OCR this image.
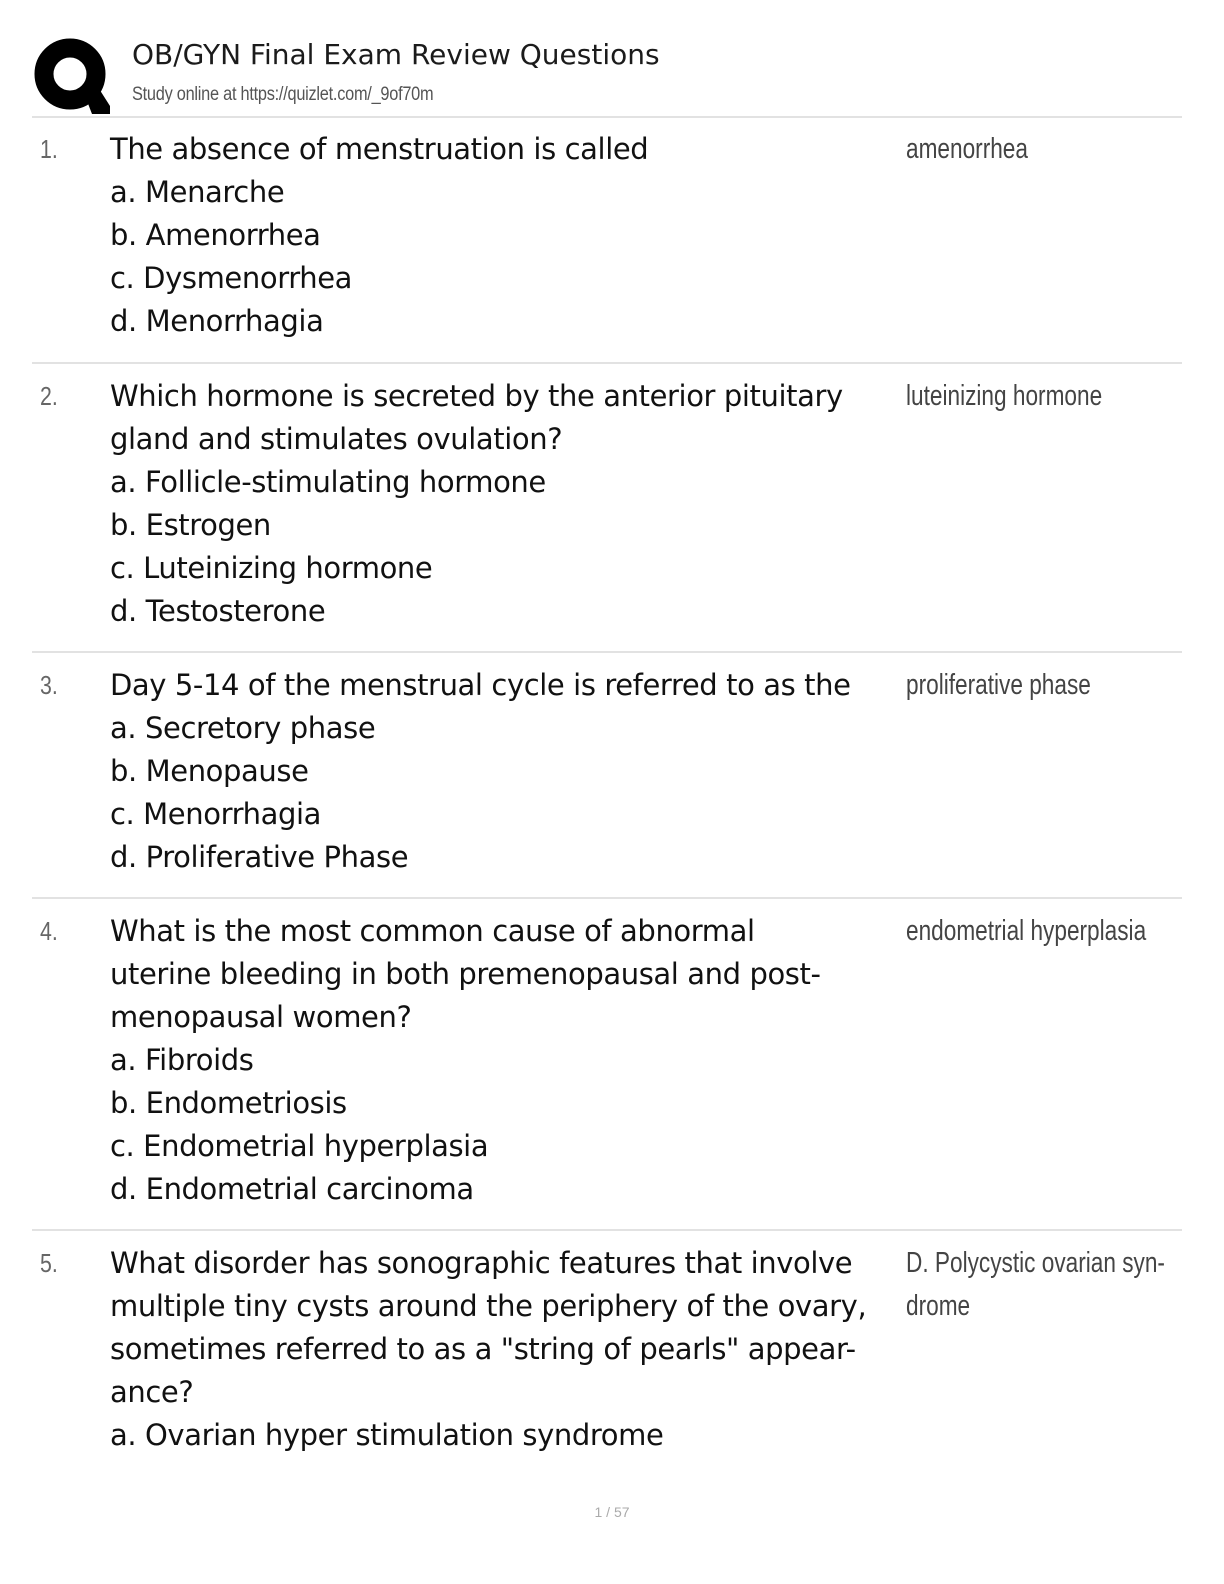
OB/GYN Final Exam Review Questions
Study online at https://quizlet.com/_9of70m
1. The absence of menstruation is called
a. Menarche
b. Amenorrhea
c. Dysmenorrhea
d. Menorrhagia
amenorrhea
2. Which hormone is secreted by the anterior pituitary
gland and stimulates ovulation?
a. Follicle-stimulating hormone
b. Estrogen
c. Luteinizing hormone
d. Testosterone
luteinizing hormone
3. Day 5-14 of the menstrual cycle is referred to as the
a. Secretory phase
b. Menopause
c. Menorrhagia
d. Proliferative Phase
proliferative phase
4. What is the most common cause of abnormal
uterine bleeding in both premenopausal and post-
menopausal women?
a. Fibroids
b. Endometriosis
c. Endometrial hyperplasia
d. Endometrial carcinoma
endometrial hyperplasia
5. What disorder has sonographic features that involve
multiple tiny cysts around the periphery of the ovary,
sometimes referred to as a "string of pearls" appear-
ance?
a. Ovarian hyper stimulation syndrome
D. Polycystic ovarian syn-
drome
1 / 57
